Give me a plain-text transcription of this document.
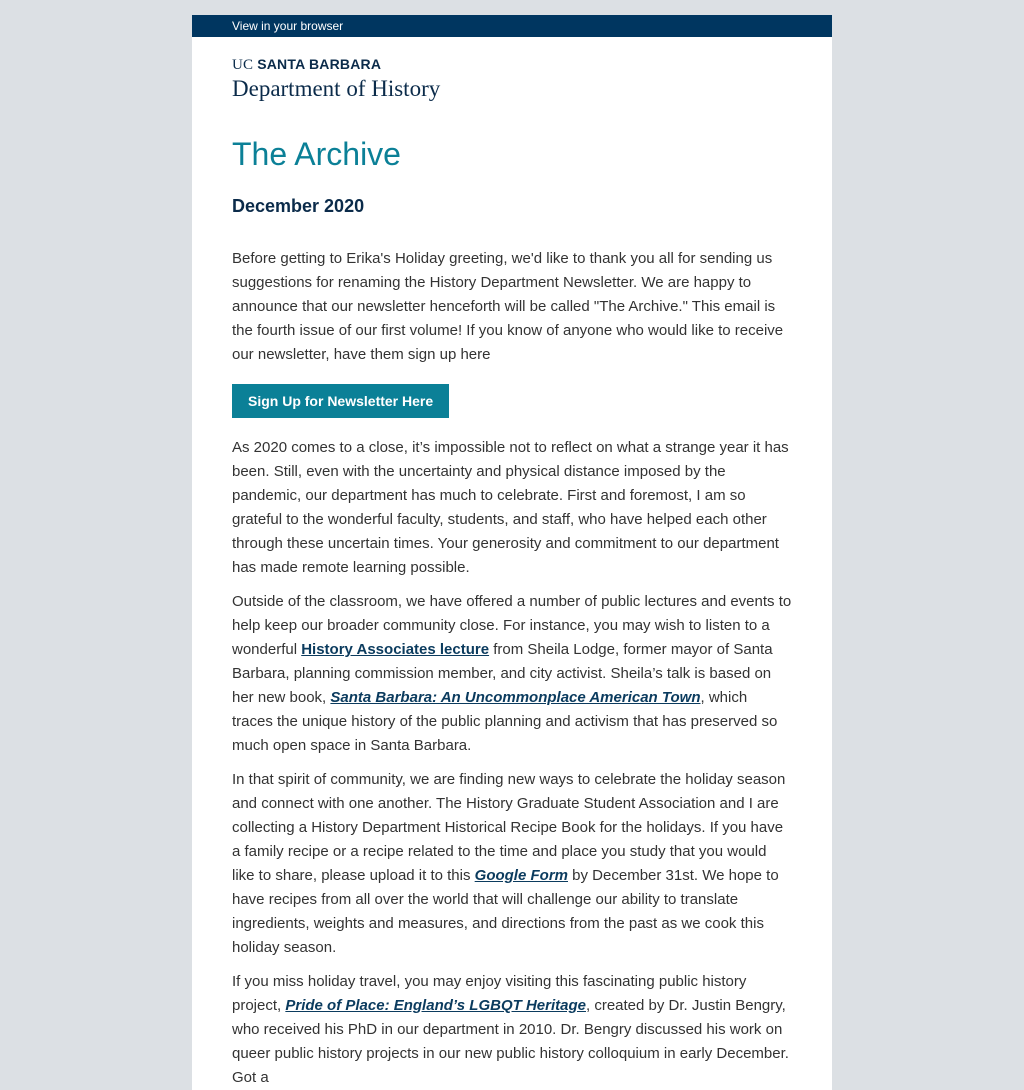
View in your browser
UC SANTA BARBARA
Department of History
The Archive
December 2020

Before getting to Erika's Holiday greeting, we'd like to thank you all for sending us suggestions for renaming the History Department Newsletter. We are happy to announce that our newsletter henceforth will be called "The Archive." This email is the fourth issue of our first volume! If you know of anyone who would like to receive our newsletter, have them sign up here

Sign Up for Newsletter Here

As 2020 comes to a close, it’s impossible not to reflect on what a strange year it has been. Still, even with the uncertainty and physical distance imposed by the pandemic, our department has much to celebrate. First and foremost, I am so grateful to the wonderful faculty, students, and staff, who have helped each other through these uncertain times. Your generosity and commitment to our department has made remote learning possible.

Outside of the classroom, we have offered a number of public lectures and events to help keep our broader community close. For instance, you may wish to listen to a wonderful History Associates lecture from Sheila Lodge, former mayor of Santa Barbara, planning commission member, and city activist. Sheila’s talk is based on her new book, Santa Barbara: An Uncommonplace American Town, which traces the unique history of the public planning and activism that has preserved so much open space in Santa Barbara.

In that spirit of community, we are finding new ways to celebrate the holiday season and connect with one another. The History Graduate Student Association and I are collecting a History Department Historical Recipe Book for the holidays. If you have a family recipe or a recipe related to the time and place you study that you would like to share, please upload it to this Google Form by December 31st. We hope to have recipes from all over the world that will challenge our ability to translate ingredients, weights and measures, and directions from the past as we cook this holiday season.

If you miss holiday travel, you may enjoy visiting this fascinating public history project, Pride of Place: England’s LGBQT Heritage, created by Dr. Justin Bengry, who received his PhD in our department in 2010. Dr. Bengry discussed his work on queer public history projects in our new public history colloquium in early December. Got a
